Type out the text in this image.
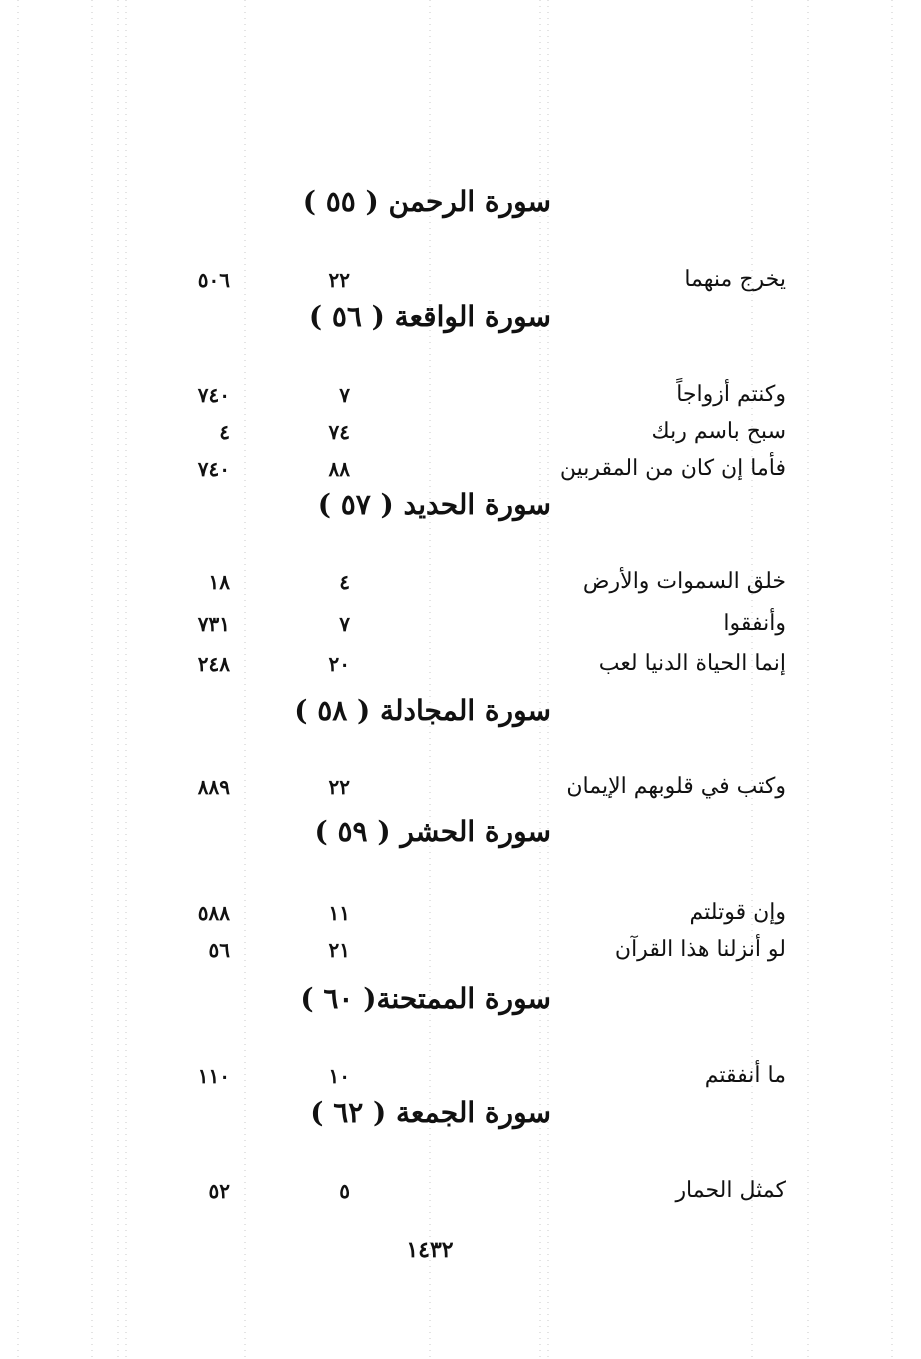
سورة الرحمن ( ٥٥ )
يخرج منهما
٢٢
٥٠٦
سورة الواقعة ( ٥٦ )
وكنتم أزواجاً
٧
٧٤٠
سبح باسم ربك
٧٤
٤
فأما إن كان من المقربين
٨٨
٧٤٠
سورة الحديد ( ٥٧ )
خلق السموات والأرض
٤
١٨
وأنفقوا
٧
٧٣١
إنما الحياة الدنيا لعب
٢٠
٢٤٨
سورة المجادلة ( ٥٨ )
وكتب في قلوبهم الإيمان
٢٢
٨٨٩
سورة الحشر ( ٥٩ )
وإن قوتلتم
١١
٥٨٨
لو أنزلنا هذا القرآن
٢١
٥٦
سورة الممتحنة( ٦٠ )
ما أنفقتم
١٠
١١٠
سورة الجمعة ( ٦٢ )
كمثل الحمار
٥
٥٢
١٤٣٢
